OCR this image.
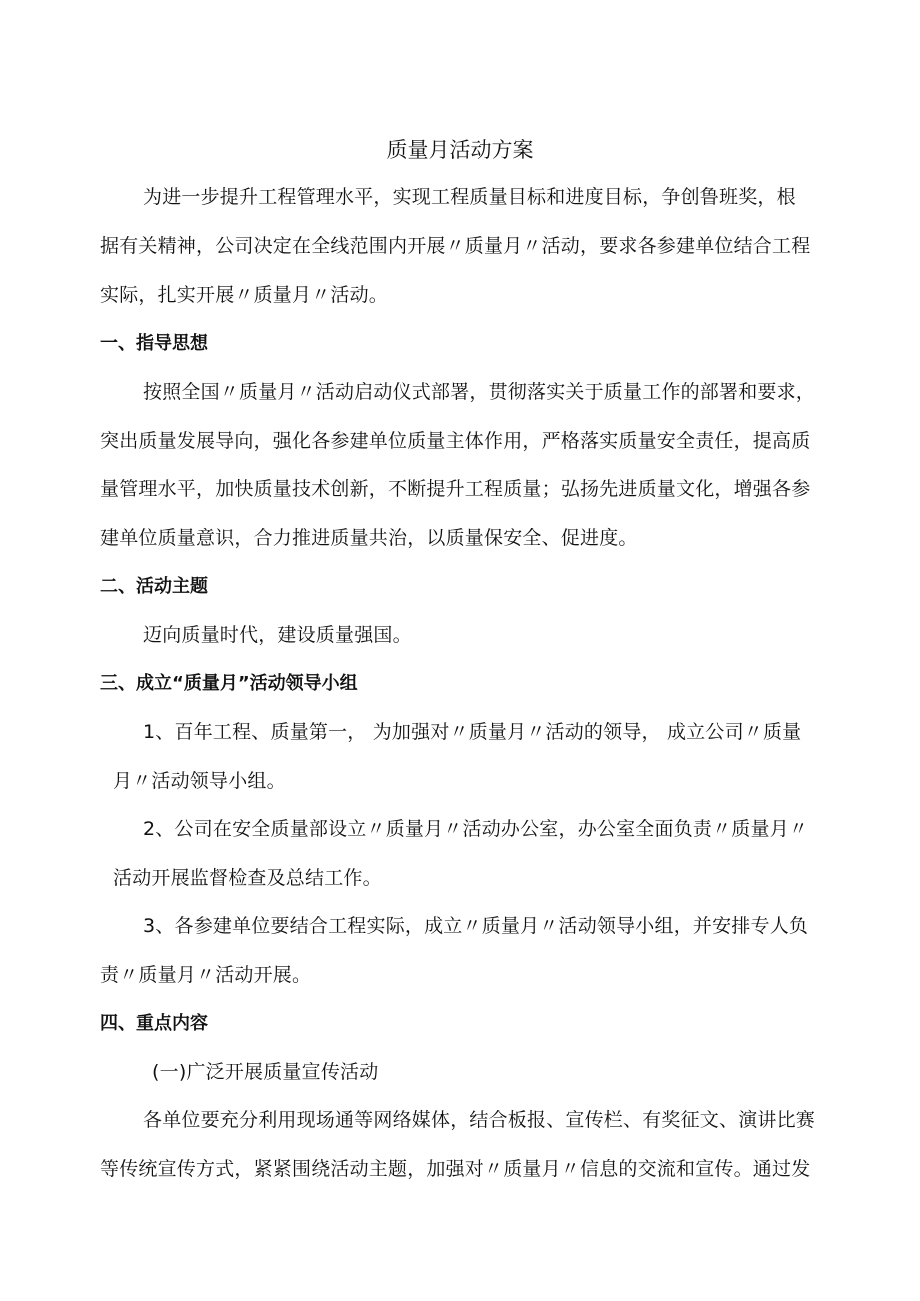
质量月活动方案
为进一步提升工程管理水平，实现工程质量目标和进度目标，争创鲁班奖，根
据有关精神，公司决定在全线范围内开展〃质量月〃活动，要求各参建单位结合工程
实际，扎实开展〃质量月〃活动。
一、指导思想
按照全国〃质量月〃活动启动仪式部署，贯彻落实关于质量工作的部署和要求，
突出质量发展导向，强化各参建单位质量主体作用，严格落实质量安全责任，提高质
量管理水平，加快质量技术创新，不断提升工程质量；弘扬先进质量文化，增强各参
建单位质量意识，合力推进质量共治，以质量保安全、促进度。
二、活动主题
迈向质量时代，建设质量强国。
三、成立“质量月”活动领导小组
1、百年工程、质量第一， 为加强对〃质量月〃活动的领导， 成立公司〃质量
月〃活动领导小组。
2、公司在安全质量部设立〃质量月〃活动办公室，办公室全面负责〃质量月〃
活动开展监督检查及总结工作。
3、各参建单位要结合工程实际，成立〃质量月〃活动领导小组，并安排专人负
责〃质量月〃活动开展。
四、重点内容
(一)广泛开展质量宣传活动
各单位要充分利用现场通等网络媒体，结合板报、宣传栏、有奖征文、演讲比赛
等传统宣传方式，紧紧围绕活动主题，加强对〃质量月〃信息的交流和宣传。通过发
